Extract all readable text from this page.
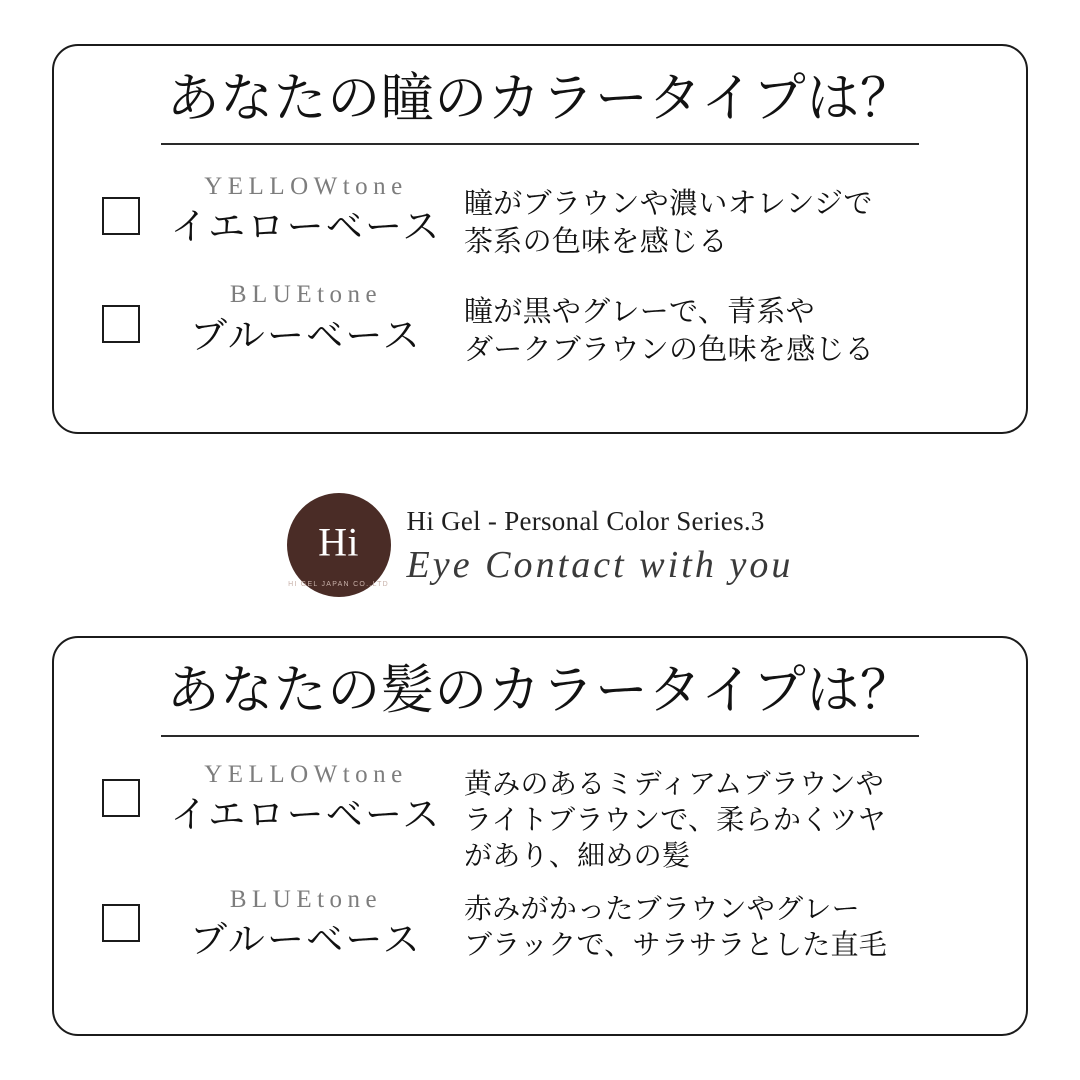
あなたの瞳のカラータイプは？
YELLOWtone
イエローベース
瞳がブラウンや濃いオレンジで
茶系の色味を感じる
BLUEtone
ブルーベース
瞳が黒やグレーで、青系や
ダークブラウンの色味を感じる
Hi
HI GEL JAPAN CO.,LTD
Hi Gel - Personal Color Series.3
Eye Contact with you
あなたの髪のカラータイプは？
YELLOWtone
イエローベース
黄みのあるミディアムブラウンや
ライトブラウンで、柔らかくツヤ
があり、細めの髪
BLUEtone
ブルーベース
赤みがかったブラウンやグレー
ブラックで、サラサラとした直毛
